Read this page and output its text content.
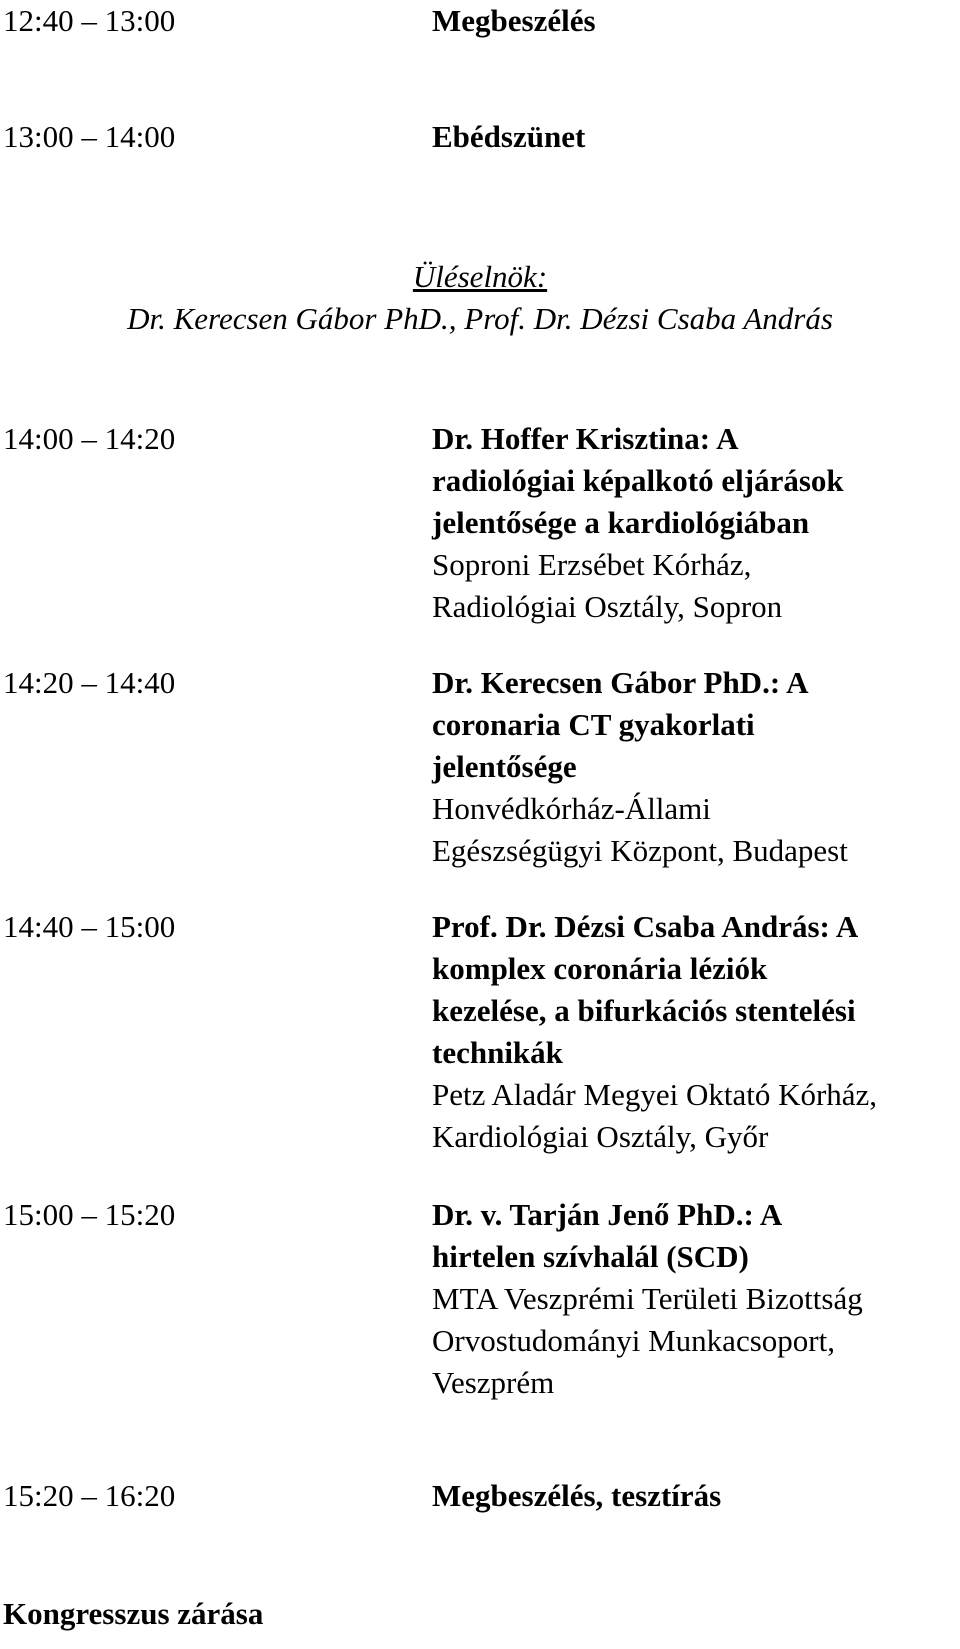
12:40 – 13:00	Megbeszélés
13:00 – 14:00	Ebédszünet
Üléselnök:
Dr. Kerecsen Gábor PhD., Prof. Dr. Dézsi Csaba András
14:00 – 14:20	Dr. Hoffer Krisztina: A
radiológiai képalkotó eljárások
jelentősége a kardiológiában
Soproni Erzsébet Kórház,
Radiológiai Osztály, Sopron
14:20 – 14:40	Dr. Kerecsen Gábor PhD.: A
coronaria CT gyakorlati
jelentősége
Honvédkórház-Állami
Egészségügyi Központ, Budapest
14:40 – 15:00	Prof. Dr. Dézsi Csaba András: A
komplex coronária léziók
kezelése, a bifurkációs stentelési
technikák
Petz Aladár Megyei Oktató Kórház,
Kardiológiai Osztály, Győr
15:00 – 15:20	Dr. v. Tarján Jenő PhD.: A
hirtelen szívhalál (SCD)
MTA Veszprémi Területi Bizottság
Orvostudományi Munkacsoport,
Veszprém
15:20 – 16:20	Megbeszélés, tesztírás
Kongresszus zárása
